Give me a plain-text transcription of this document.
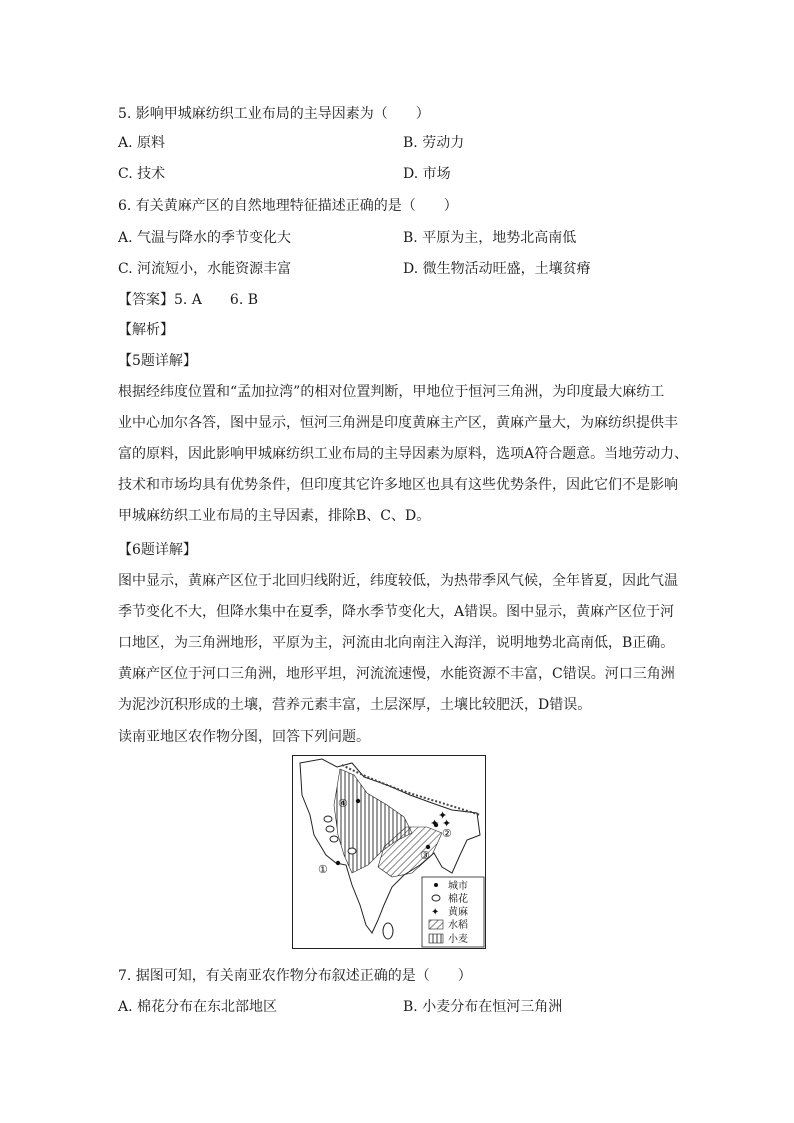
5. 影响甲城麻纺织工业布局的主导因素为（　　）
A. 原料	B. 劳动力
C. 技术	D. 市场
6. 有关黄麻产区的自然地理特征描述正确的是（　　）
A. 气温与降水的季节变化大	B. 平原为主，地势北高南低
C. 河流短小，水能资源丰富	D. 微生物活动旺盛，土壤贫瘠
【答案】5. A　　6. B
【解析】
【5题详解】
根据经纬度位置和“孟加拉湾”的相对位置判断，甲地位于恒河三角洲，为印度最大麻纺工
业中心加尔各答，图中显示，恒河三角洲是印度黄麻主产区，黄麻产量大，为麻纺织提供丰
富的原料，因此影响甲城麻纺织工业布局的主导因素为原料，选项A符合题意。当地劳动力、
技术和市场均具有优势条件，但印度其它许多地区也具有这些优势条件，因此它们不是影响
甲城麻纺织工业布局的主导因素，排除B、C、D。
【6题详解】
图中显示，黄麻产区位于北回归线附近，纬度较低，为热带季风气候，全年皆夏，因此气温
季节变化不大，但降水集中在夏季，降水季节变化大，A错误。图中显示，黄麻产区位于河
口地区，为三角洲地形，平原为主，河流由北向南注入海洋，说明地势北高南低，B正确。
黄麻产区位于河口三角洲，地形平坦，河流流速慢，水能资源不丰富，C错误。河口三角洲
为泥沙沉积形成的土壤，营养元素丰富，土层深厚，土壤比较肥沃，D错误。
读南亚地区农作物分图，回答下列问题。
✦
✦
✦
④
②
③
①
✦
城市
棉花
黄麻
水稻
小麦
7. 据图可知，有关南亚农作物分布叙述正确的是（　　）
A. 棉花分布在东北部地区	B. 小麦分布在恒河三角洲
